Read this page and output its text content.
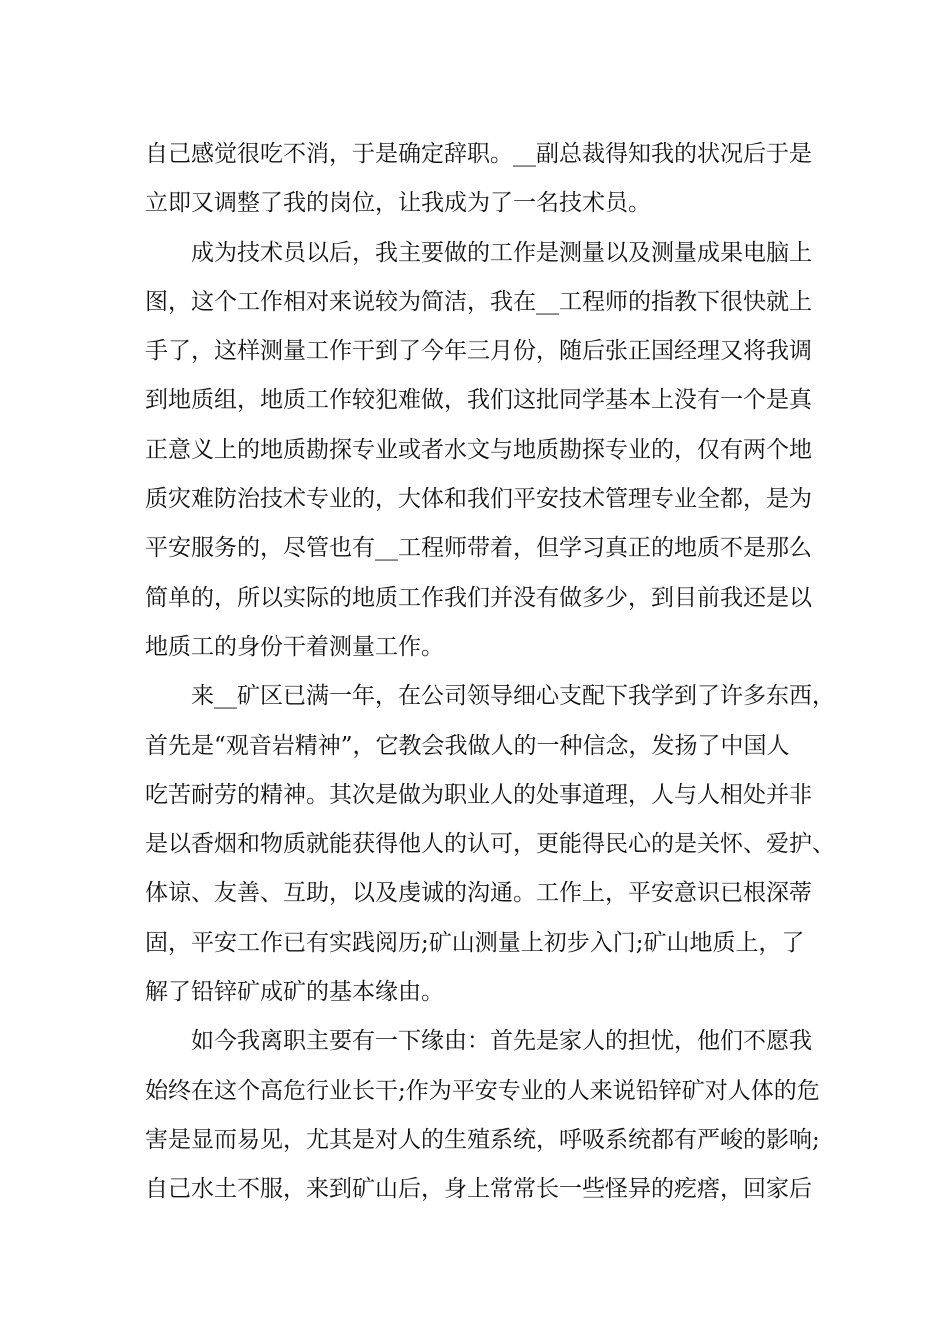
自己感觉很吃不消，于是确定辞职。__副总裁得知我的状况后于是
立即又调整了我的岗位，让我成为了一名技术员。
成为技术员以后，我主要做的工作是测量以及测量成果电脑上
图，这个工作相对来说较为简洁，我在__工程师的指教下很快就上
手了，这样测量工作干到了今年三月份，随后张正国经理又将我调
到地质组，地质工作较犯难做，我们这批同学基本上没有一个是真
正意义上的地质勘探专业或者水文与地质勘探专业的，仅有两个地
质灾难防治技术专业的，大体和我们平安技术管理专业全都，是为
平安服务的，尽管也有__工程师带着，但学习真正的地质不是那么
简单的，所以实际的地质工作我们并没有做多少，到目前我还是以
地质工的身份干着测量工作。
来__矿区已满一年，在公司领导细心支配下我学到了许多东西，
首先是“观音岩精神”，它教会我做人的一种信念，发扬了中国人
吃苦耐劳的精神。其次是做为职业人的处事道理，人与人相处并非
是以香烟和物质就能获得他人的认可，更能得民心的是关怀、爱护、
体谅、友善、互助，以及虔诚的沟通。工作上，平安意识已根深蒂
固，平安工作已有实践阅历;矿山测量上初步入门;矿山地质上，了
解了铅锌矿成矿的基本缘由。
如今我离职主要有一下缘由：首先是家人的担忧，他们不愿我
始终在这个高危行业长干;作为平安专业的人来说铅锌矿对人体的危
害是显而易见，尤其是对人的生殖系统，呼吸系统都有严峻的影响;
自己水土不服，来到矿山后，身上常常长一些怪异的疙瘩，回家后
